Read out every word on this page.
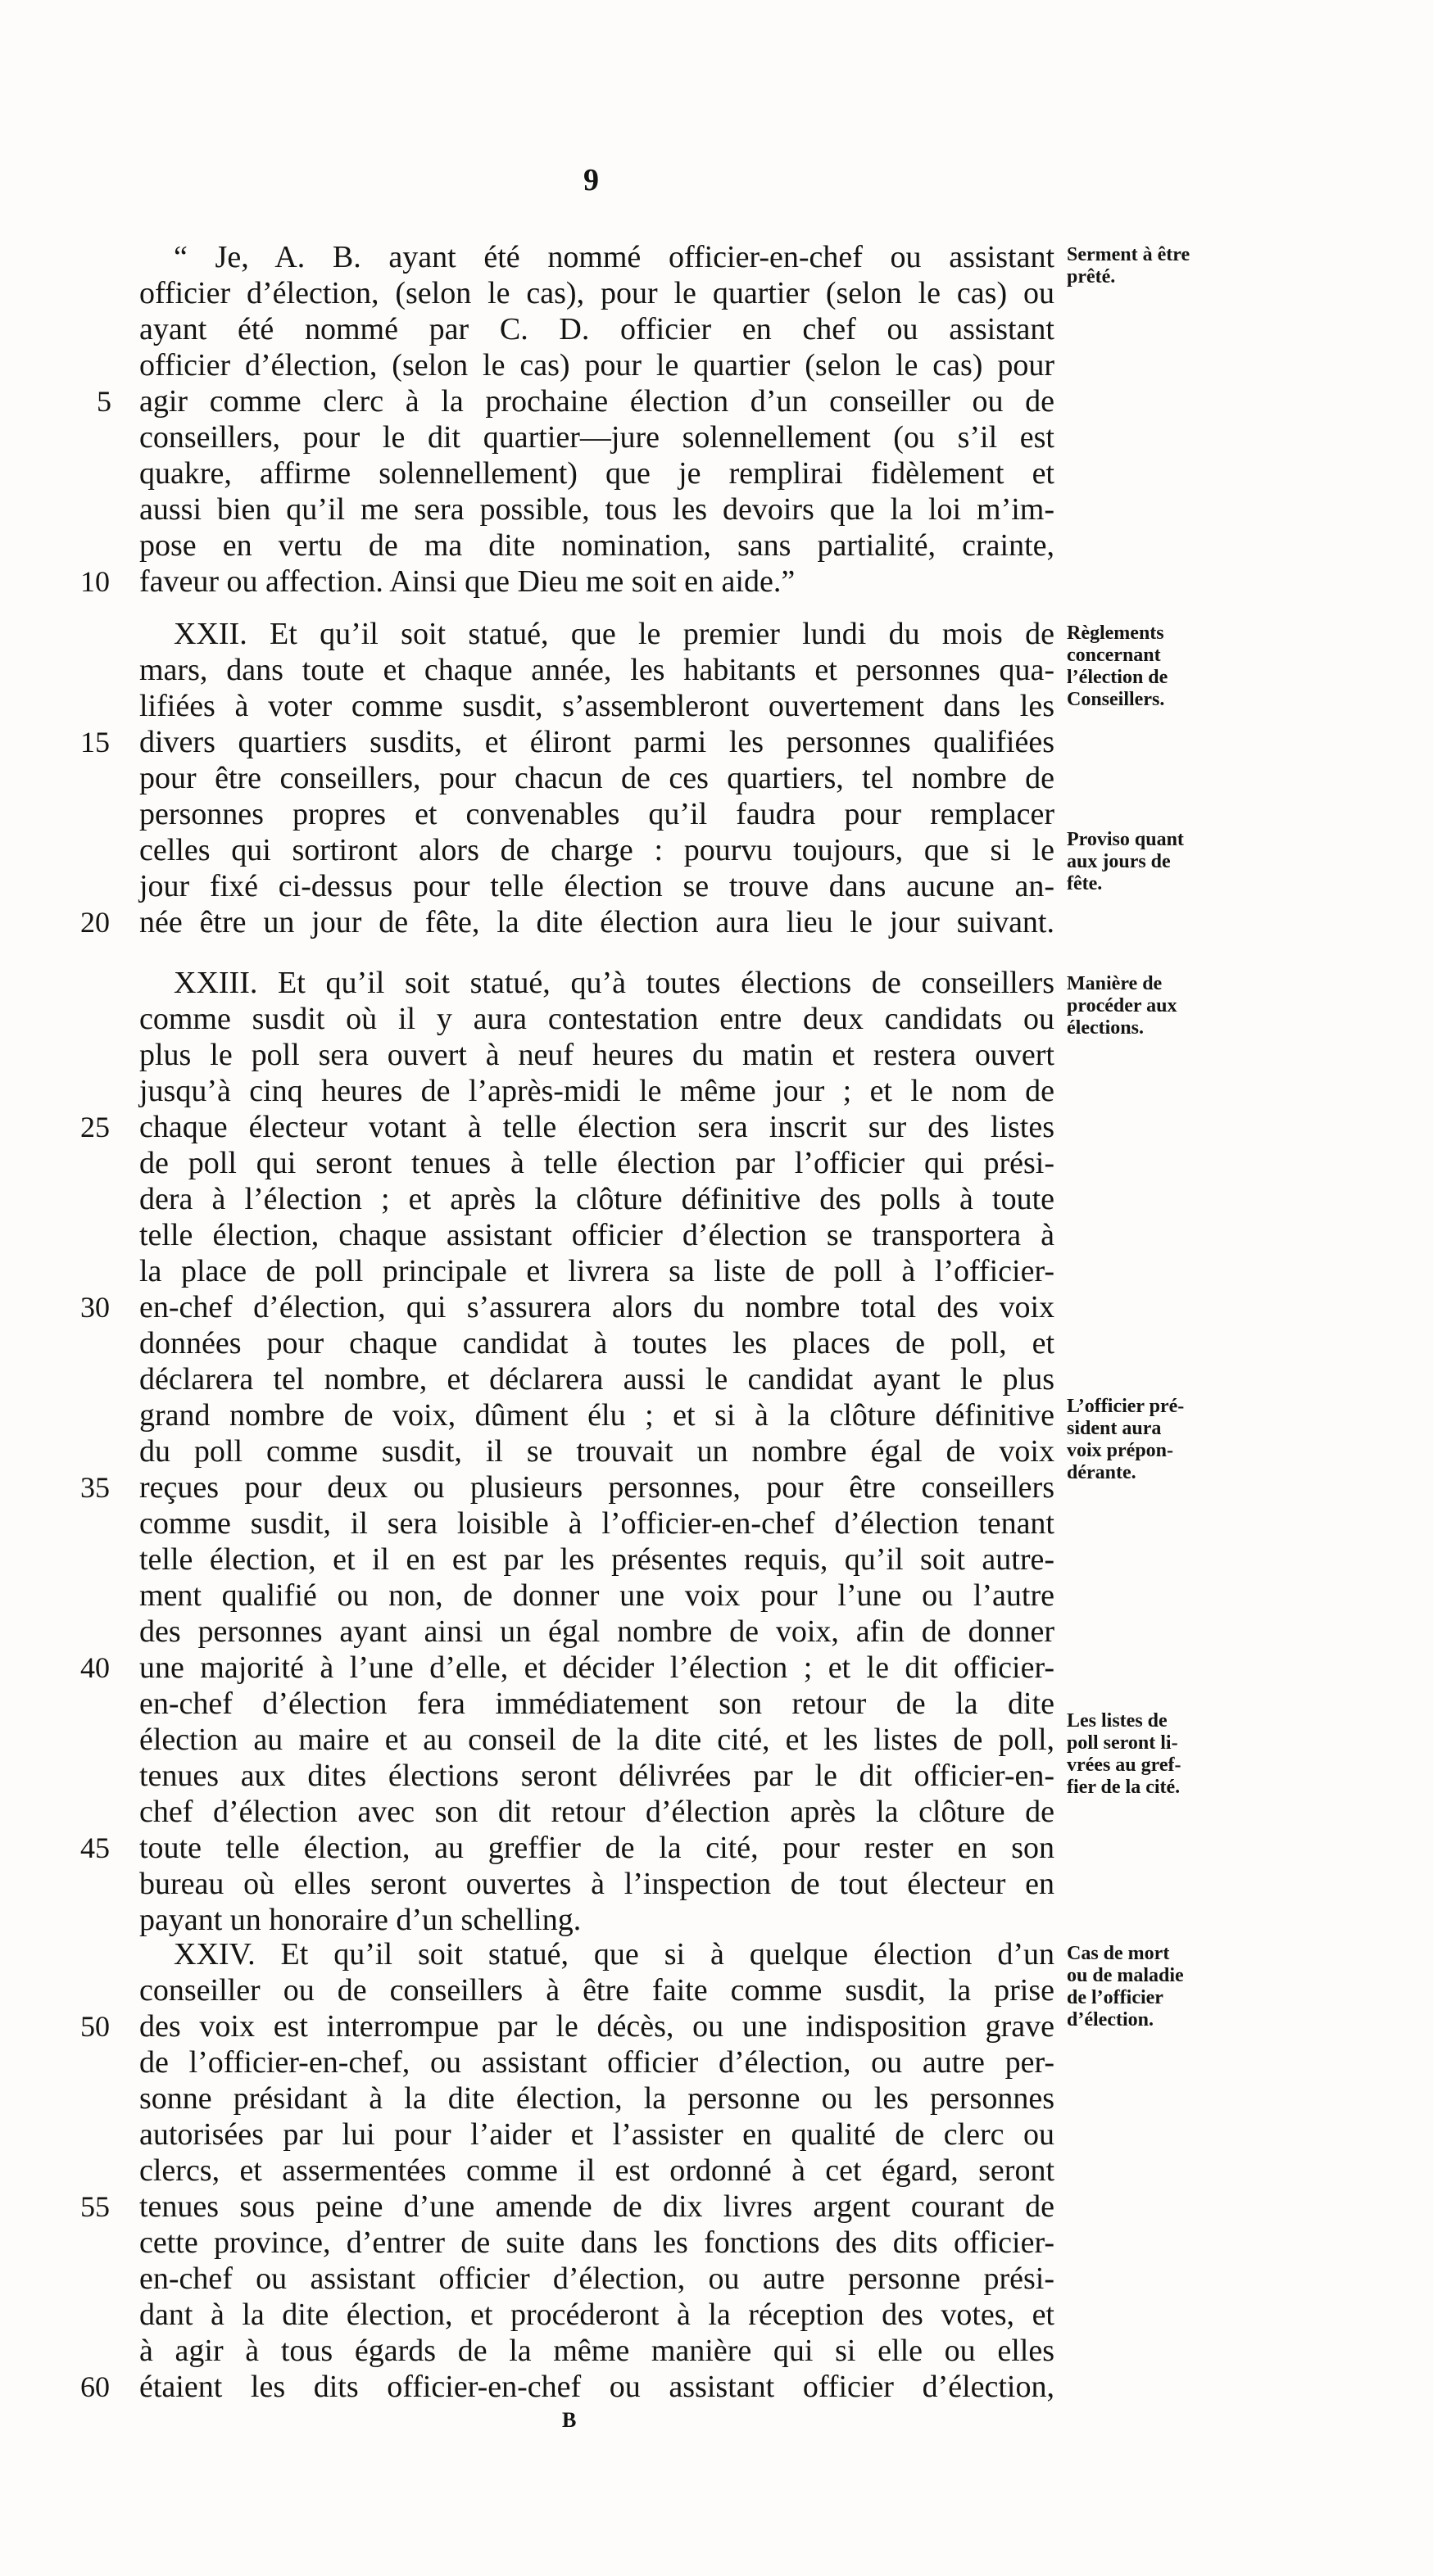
9
“ Je, A. B. ayant été nommé officier-en-chef ou assistant
officier d’élection, (selon le cas), pour le quartier (selon le cas) ou
ayant été nommé par C. D. officier en chef ou assistant
officier d’élection, (selon le cas) pour le quartier (selon le cas) pour
agir comme clerc à la prochaine élection d’un conseiller ou de
conseillers, pour le dit quartier—jure solennellement (ou s’il est
quakre, affirme solennellement) que je remplirai fidèlement et
aussi bien qu’il me sera possible, tous les devoirs que la loi m’im-
pose en vertu de ma dite nomination, sans partialité, crainte,
faveur ou affection. Ainsi que Dieu me soit en aide.”
XXII. Et qu’il soit statué, que le premier lundi du mois de
mars, dans toute et chaque année, les habitants et personnes qua-
lifiées à voter comme susdit, s’assembleront ouvertement dans les
divers quartiers susdits, et éliront parmi les personnes qualifiées
pour être conseillers, pour chacun de ces quartiers, tel nombre de
personnes propres et convenables qu’il faudra pour remplacer
celles qui sortiront alors de charge : pourvu toujours, que si le
jour fixé ci-dessus pour telle élection se trouve dans aucune an-
née être un jour de fête, la dite élection aura lieu le jour suivant.
XXIII. Et qu’il soit statué, qu’à toutes élections de conseillers
comme susdit où il y aura contestation entre deux candidats ou
plus le poll sera ouvert à neuf heures du matin et restera ouvert
jusqu’à cinq heures de l’après-midi le même jour ; et le nom de
chaque électeur votant à telle élection sera inscrit sur des listes
de poll qui seront tenues à telle élection par l’officier qui prési-
dera à l’élection ; et après la clôture définitive des polls à toute
telle élection, chaque assistant officier d’élection se transportera à
la place de poll principale et livrera sa liste de poll à l’officier-
en-chef d’élection, qui s’assurera alors du nombre total des voix
données pour chaque candidat à toutes les places de poll, et
déclarera tel nombre, et déclarera aussi le candidat ayant le plus
grand nombre de voix, dûment élu ; et si à la clôture définitive
du poll comme susdit, il se trouvait un nombre égal de voix
reçues pour deux ou plusieurs personnes, pour être conseillers
comme susdit, il sera loisible à l’officier-en-chef d’élection tenant
telle élection, et il en est par les présentes requis, qu’il soit autre-
ment qualifié ou non, de donner une voix pour l’une ou l’autre
des personnes ayant ainsi un égal nombre de voix, afin de donner
une majorité à l’une d’elle, et décider l’élection ; et le dit officier-
en-chef d’élection fera immédiatement son retour de la dite
élection au maire et au conseil de la dite cité, et les listes de poll,
tenues aux dites élections seront délivrées par le dit officier-en-
chef d’élection avec son dit retour d’élection après la clôture de
toute telle élection, au greffier de la cité, pour rester en son
bureau où elles seront ouvertes à l’inspection de tout électeur en
payant un honoraire d’un schelling.
XXIV. Et qu’il soit statué, que si à quelque élection d’un
conseiller ou de conseillers à être faite comme susdit, la prise
des voix est interrompue par le décès, ou une indisposition grave
de l’officier-en-chef, ou assistant officier d’élection, ou autre per-
sonne présidant à la dite élection, la personne ou les personnes
autorisées par lui pour l’aider et l’assister en qualité de clerc ou
clercs, et assermentées comme il est ordonné à cet égard, seront
tenues sous peine d’une amende de dix livres argent courant de
cette province, d’entrer de suite dans les fonctions des dits officier-
en-chef ou assistant officier d’élection, ou autre personne prési-
dant à la dite élection, et procéderont à la réception des votes, et
à agir à tous égards de la même manière qui si elle ou elles
étaient les dits officier-en-chef ou assistant officier d’élection,
5
10
15
20
25
30
35
40
45
50
55
60
Serment à être
prêté.
Règlements
concernant
l’élection de
Conseillers.
Proviso quant
aux jours de
fête.
Manière de
procéder aux
élections.
L’officier pré-
sident aura
voix prépon-
dérante.
Les listes de
poll seront li-
vrées au gref-
fier de la cité.
Cas de mort
ou de maladie
de l’officier
d’élection.
B
